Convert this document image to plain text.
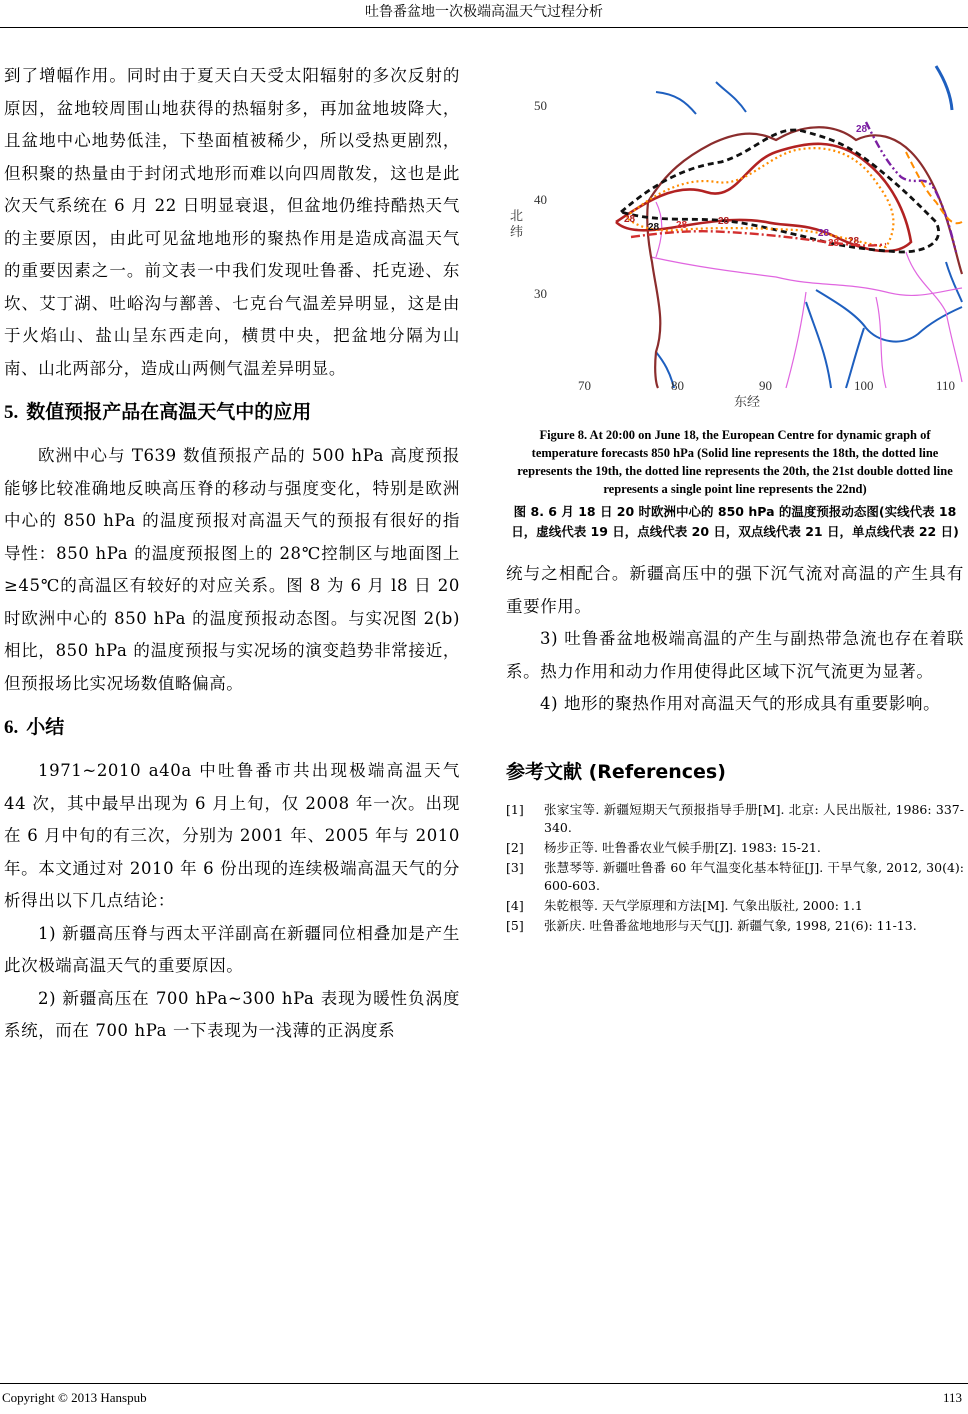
吐鲁番盆地一次极端高温天气过程分析

到了增幅作用。同时由于夏天白天受太阳辐射的多次反射的原因，盆地较周围山地获得的热辐射多，再加盆地坡降大，且盆地中心地势低洼，下垫面植被稀少，所以受热更剧烈，但积聚的热量由于封闭式地形而难以向四周散发，这也是此次天气系统在 6 月 22 日明显衰退，但盆地仍维持酷热天气的主要原因，由此可见盆地地形的聚热作用是造成高温天气的重要因素之一。前文表一中我们发现吐鲁番、托克逊、东坎、艾丁湖、吐峪沟与鄯善、七克台气温差异明显，这是由于火焰山、盐山呈东西走向，横贯中央，把盆地分隔为山南、山北两部分，造成山两侧气温差异明显。

5. 数值预报产品在高温天气中的应用

欧洲中心与 T639 数值预报产品的 500 hPa 高度预报能够比较准确地反映高压脊的移动与强度变化，特别是欧洲中心的 850 hPa 的温度预报对高温天气的预报有很好的指导性：850 hPa 的温度预报图上的 28℃控制区与地面图上≥45℃的高温区有较好的对应关系。图 8 为 6 月 l8 日 20 时欧洲中心的 850 hPa 的温度预报动态图。与实况图 2(b)相比，850 hPa 的温度预报与实况场的演变趋势非常接近，但预报场比实况场数值略偏高。

6. 小结

1971~2010 a40a 中吐鲁番市共出现极端高温天气 44 次，其中最早出现为 6 月上旬，仅 2008 年一次。出现在 6 月中旬的有三次，分别为 2001 年、2005 年与 2010 年。本文通过对 2010 年 6 份出现的连续极端高温天气的分析得出以下几点结论：

1) 新疆高压脊与西太平洋副高在新疆同位相叠加是产生此次极端高温天气的重要原因。

2) 新疆高压在 700 hPa~300 hPa 表现为暖性负涡度系统，而在 700 hPa 一下表现为一浅薄的正涡度系

28
28 28	28
28
28 28
28
50
40
30
北
纬
70	80	90	100	110
东经

Figure 8. At 20:00 on June 18, the European Centre for dynamic graph of temperature forecasts 850 hPa (Solid line represents the 18th, the dotted line represents the 19th, the dotted line represents the 20th, the 21st double dotted line represents a single point line represents the 22nd)

图 8. 6 月 18 日 20 时欧洲中心的 850 hPa 的温度预报动态图(实线代表 18 日，虚线代表 19 日，点线代表 20 日，双点线代表 21 日，单点线代表 22 日)

统与之相配合。新疆高压中的强下沉气流对高温的产生具有重要作用。

3) 吐鲁番盆地极端高温的产生与副热带急流也存在着联系。热力作用和动力作用使得此区域下沉气流更为显著。

4) 地形的聚热作用对高温天气的形成具有重要影响。

参考文献 (References)
[1]	张家宝等. 新疆短期天气预报指导手册[M]. 北京: 人民出版社, 1986: 337-340.
[2]	杨步正等. 吐鲁番农业气候手册[Z]. 1983: 15-21.
[3]	张慧琴等. 新疆吐鲁番 60 年气温变化基本特征[J]. 干旱气象, 2012, 30(4): 600-603.
[4]	朱乾根等. 天气学原理和方法[M]. 气象出版社, 2000: 1.1
[5]	张新庆. 吐鲁番盆地地形与天气[J]. 新疆气象, 1998, 21(6): 11-13.
Copyright © 2013 Hanspub	113
